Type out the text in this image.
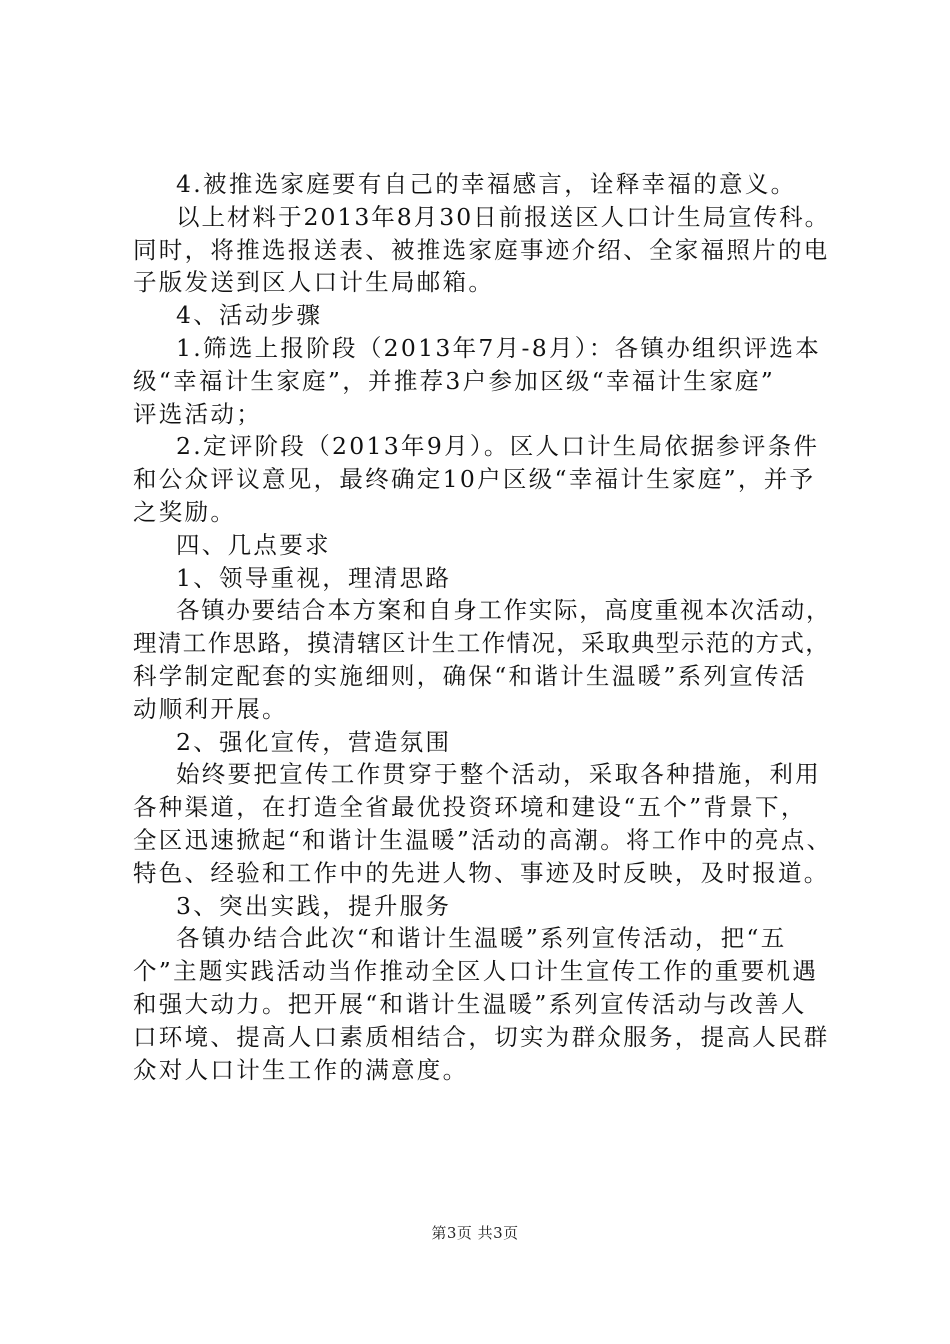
4.被推选家庭要有自己的幸福感言，诠释幸福的意义。
以上材料于2013年8月30日前报送区人口计生局宣传科。
同时，将推选报送表、被推选家庭事迹介绍、全家福照片的电
子版发送到区人口计生局邮箱。
4、活动步骤
1.筛选上报阶段（2013年7月-8月）：各镇办组织评选本
级“幸福计生家庭”，并推荐3户参加区级“幸福计生家庭”
评选活动；
2.定评阶段（2013年9月）。区人口计生局依据参评条件
和公众评议意见，最终确定10户区级“幸福计生家庭”，并予
之奖励。
四、几点要求
1、领导重视，理清思路
各镇办要结合本方案和自身工作实际，高度重视本次活动，
理清工作思路，摸清辖区计生工作情况，采取典型示范的方式，
科学制定配套的实施细则，确保“和谐计生温暖”系列宣传活
动顺利开展。
2、强化宣传，营造氛围
始终要把宣传工作贯穿于整个活动，采取各种措施，利用
各种渠道，在打造全省最优投资环境和建设“五个”背景下，
全区迅速掀起“和谐计生温暖”活动的高潮。将工作中的亮点、
特色、经验和工作中的先进人物、事迹及时反映，及时报道。
3、突出实践，提升服务
各镇办结合此次“和谐计生温暖”系列宣传活动，把“五
个”主题实践活动当作推动全区人口计生宣传工作的重要机遇
和强大动力。把开展“和谐计生温暖”系列宣传活动与改善人
口环境、提高人口素质相结合，切实为群众服务，提高人民群
众对人口计生工作的满意度。
第3页 共3页
